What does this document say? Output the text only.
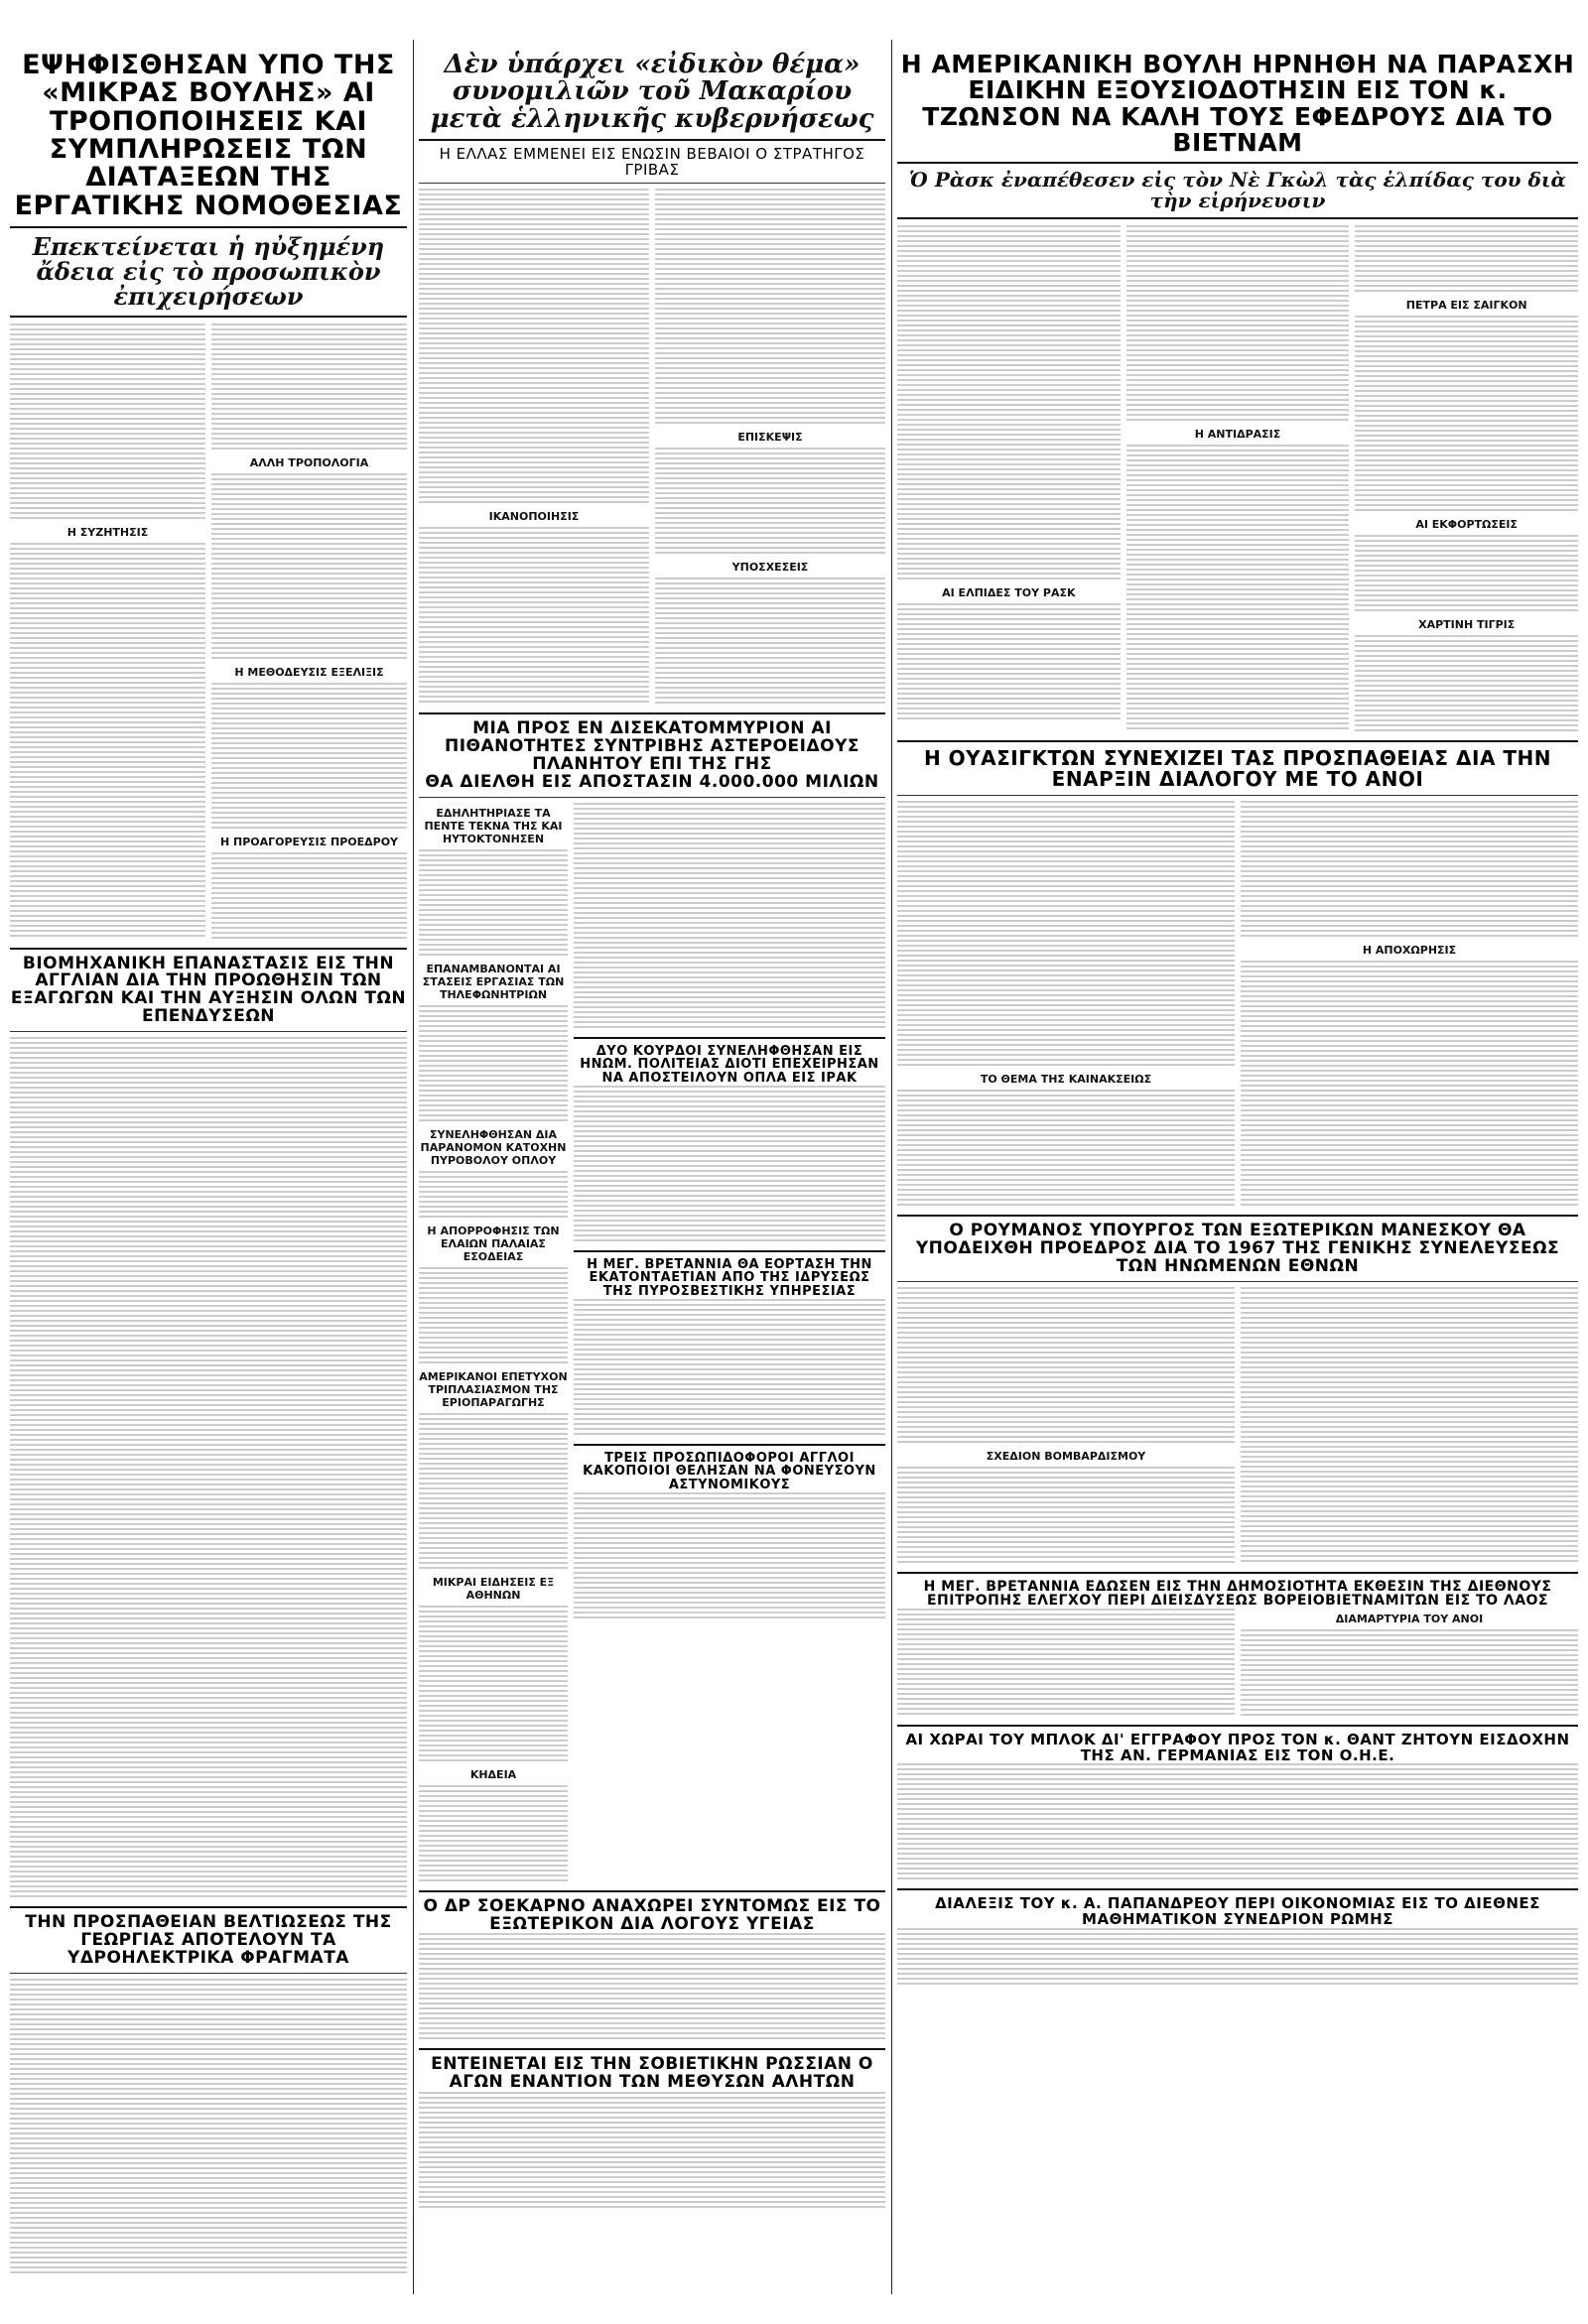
ΕΨΗΦΙΣΘΗΣΑΝ ΥΠΟ ΤΗΣ «ΜΙΚΡΑΣ ΒΟΥΛΗΣ» ΑΙ ΤΡΟΠΟΠΟΙΗΣΕΙΣ ΚΑΙ ΣΥΜΠΛΗΡΩΣΕΙΣ ΤΩΝ ΔΙΑΤΑΞΕΩΝ ΤΗΣ ΕΡΓΑΤΙΚΗΣ ΝΟΜΟΘΕΣΙΑΣ
Επεκτείνεται ἡ ηὐξημένη ἄδεια εἰς τὸ προσωπικὸν ἐπιχειρήσεων
Η ΣΥΖΗΤΗΣΙΣ
ΑΛΛΗ ΤΡΟΠΟΛΟΓΙΑ
Η ΜΕΘΟΔΕΥΣΙΣ ΕΞΕΛΙΞΙΣ
Η ΠΡΟΑΓΟΡΕΥΣΙΣ ΠΡΟΕΔΡΟΥ
ΒΙΟΜΗΧΑΝΙΚΗ ΕΠΑΝΑΣΤΑΣΙΣ ΕΙΣ ΤΗΝ ΑΓΓΛΙΑΝ ΔΙΑ ΤΗΝ ΠΡΟΩΘΗΣΙΝ ΤΩΝ ΕΞΑΓΩΓΩΝ ΚΑΙ ΤΗΝ ΑΥΞΗΣΙΝ ΟΛΩΝ ΤΩΝ ΕΠΕΝΔΥΣΕΩΝ
ΤΗΝ ΠΡΟΣΠΑΘΕΙΑΝ ΒΕΛΤΙΩΣΕΩΣ ΤΗΣ ΓΕΩΡΓΙΑΣ ΑΠΟΤΕΛΟΥΝ ΤΑ ΥΔΡΟΗΛΕΚΤΡΙΚΑ ΦΡΑΓΜΑΤΑ
Δὲν ὑπάρχει «εἰδικὸν θέμα» συνομιλιῶν τοῦ Μακαρίου μετὰ ἑλληνικῆς κυβερνήσεως
Η ΕΛΛΑΣ ΕΜΜΕΝΕΙ ΕΙΣ ΕΝΩΣΙΝ ΒΕΒΑΙΟΙ Ο ΣΤΡΑΤΗΓΟΣ ΓΡΙΒΑΣ
ΙΚΑΝΟΠΟΙΗΣΙΣ
ΕΠΙΣΚΕΨΙΣ
ΥΠΟΣΧΕΣΕΙΣ
ΜΙΑ ΠΡΟΣ ΕΝ ΔΙΣΕΚΑΤΟΜΜΥΡΙΟΝ ΑΙ ΠΙΘΑΝΟΤΗΤΕΣ ΣΥΝΤΡΙΒΗΣ ΑΣΤΕΡΟΕΙΔΟΥΣ ΠΛΑΝΗΤΟΥ ΕΠΙ ΤΗΣ ΓΗΣ
ΘΑ ΔΙΕΛΘΗ ΕΙΣ ΑΠΟΣΤΑΣΙΝ 4.000.000 ΜΙΛΙΩΝ
ΕΔΗΛΗΤΗΡΙΑΣΕ ΤΑ ΠΕΝΤΕ ΤΕΚΝΑ ΤΗΣ ΚΑΙ ΗΥΤΟΚΤΟΝΗΣΕΝ
ΕΠΑΝΑΜΒΑΝΟΝΤΑΙ ΑΙ ΣΤΑΣΕΙΣ ΕΡΓΑΣΙΑΣ ΤΩΝ ΤΗΛΕΦΩΝΗΤΡΙΩΝ
ΣΥΝΕΛΗΦΘΗΣΑΝ ΔΙΑ ΠΑΡΑΝΟΜΟΝ ΚΑΤΟΧΗΝ ΠΥΡΟΒΟΛΟΥ ΟΠΛΟΥ
Η ΑΠΟΡΡΟΦΗΣΙΣ ΤΩΝ ΕΛΑΙΩΝ ΠΑΛΑΙΑΣ ΕΣΟΔΕΙΑΣ
ΑΜΕΡΙΚΑΝΟΙ ΕΠΕΤΥΧΟΝ ΤΡΙΠΛΑΣΙΑΣΜΟΝ ΤΗΣ ΕΡΙΟΠΑΡΑΓΩΓΗΣ
ΜΙΚΡΑΙ ΕΙΔΗΣΕΙΣ ΕΞ ΑΘΗΝΩΝ
ΚΗΔΕΙΑ
ΔΥΟ ΚΟΥΡΔΟΙ ΣΥΝΕΛΗΦΘΗΣΑΝ ΕΙΣ ΗΝΩΜ. ΠΟΛΙΤΕΙΑΣ ΔΙΟΤΙ ΕΠΕΧΕΙΡΗΣΑΝ ΝΑ ΑΠΟΣΤΕΙΛΟΥΝ ΟΠΛΑ ΕΙΣ ΙΡΑΚ
Η ΜΕΓ. ΒΡΕΤΑΝΝΙΑ ΘΑ ΕΟΡΤΑΣΗ ΤΗΝ ΕΚΑΤΟΝΤΑΕΤΙΑΝ ΑΠΟ ΤΗΣ ΙΔΡΥΣΕΩΣ ΤΗΣ ΠΥΡΟΣΒΕΣΤΙΚΗΣ ΥΠΗΡΕΣΙΑΣ
ΤΡΕΙΣ ΠΡΟΣΩΠΙΔΟΦΟΡΟΙ ΑΓΓΛΟΙ ΚΑΚΟΠΟΙΟΙ ΘΕΛΗΣΑΝ ΝΑ ΦΟΝΕΥΣΟΥΝ ΑΣΤΥΝΟΜΙΚΟΥΣ
Ο ΔΡ ΣΟΕΚΑΡΝΟ ΑΝΑΧΩΡΕΙ ΣΥΝΤΟΜΩΣ ΕΙΣ ΤΟ ΕΞΩΤΕΡΙΚΟΝ ΔΙΑ ΛΟΓΟΥΣ ΥΓΕΙΑΣ
ΕΝΤΕΙΝΕΤΑΙ ΕΙΣ ΤΗΝ ΣΟΒΙΕΤΙΚΗΝ ΡΩΣΣΙΑΝ Ο ΑΓΩΝ ΕΝΑΝΤΙΟΝ ΤΩΝ ΜΕΘΥΣΩΝ ΑΛΗΤΩΝ
Η ΑΜΕΡΙΚΑΝΙΚΗ ΒΟΥΛΗ ΗΡΝΗΘΗ ΝΑ ΠΑΡΑΣΧΗ ΕΙΔΙΚΗΝ ΕΞΟΥΣΙΟΔΟΤΗΣΙΝ ΕΙΣ ΤΟΝ κ. ΤΖΩΝΣΟΝ ΝΑ ΚΑΛΗ ΤΟΥΣ ΕΦΕΔΡΟΥΣ ΔΙΑ ΤΟ ΒΙΕΤΝΑΜ
Ὁ Ρὰσκ ἐναπέθεσεν εἰς τὸν Νὲ Γκὼλ τὰς ἐλπίδας του διὰ τὴν εἰρήνευσιν
ΑΙ ΕΛΠΙΔΕΣ ΤΟΥ ΡΑΣΚ
Η ΑΝΤΙΔΡΑΣΙΣ
ΠΕΤΡΑ ΕΙΣ ΣΑΙΓΚΟΝ
ΑΙ ΕΚΦΟΡΤΩΣΕΙΣ
ΧΑΡΤΙΝΗ ΤΙΓΡΙΣ
Η ΟΥΑΣΙΓΚΤΩΝ ΣΥΝΕΧΙΖΕΙ ΤΑΣ ΠΡΟΣΠΑΘΕΙΑΣ ΔΙΑ ΤΗΝ ΕΝΑΡΞΙΝ ΔΙΑΛΟΓΟΥ ΜΕ ΤΟ ΑΝΟΙ
ΤΟ ΘΕΜΑ ΤΗΣ ΚΑΙΝΑΚΣΕΙΩΣ
Η ΑΠΟΧΩΡΗΣΙΣ
Ο ΡΟΥΜΑΝΟΣ ΥΠΟΥΡΓΟΣ ΤΩΝ ΕΞΩΤΕΡΙΚΩΝ ΜΑΝΕΣΚΟΥ ΘΑ ΥΠΟΔΕΙΧΘΗ ΠΡΟΕΔΡΟΣ ΔΙΑ ΤΟ 1967 ΤΗΣ ΓΕΝΙΚΗΣ ΣΥΝΕΛΕΥΣΕΩΣ ΤΩΝ ΗΝΩΜΕΝΩΝ ΕΘΝΩΝ
ΣΧΕΔΙΟΝ ΒΟΜΒΑΡΔΙΣΜΟΥ
Η ΜΕΓ. ΒΡΕΤΑΝΝΙΑ ΕΔΩΣΕΝ ΕΙΣ ΤΗΝ ΔΗΜΟΣΙΟΤΗΤΑ ΕΚΘΕΣΙΝ ΤΗΣ ΔΙΕΘΝΟΥΣ ΕΠΙΤΡΟΠΗΣ ΕΛΕΓΧΟΥ ΠΕΡΙ ΔΙΕΙΣΔΥΣΕΩΣ ΒΟΡΕΙΟΒΙΕΤΝΑΜΙΤΩΝ ΕΙΣ ΤΟ ΛΑΟΣ
ΔΙΑΜΑΡΤΥΡΙΑ ΤΟΥ ΑΝΟΙ
ΑΙ ΧΩΡΑΙ ΤΟΥ ΜΠΛΟΚ ΔΙ' ΕΓΓΡΑΦΟΥ ΠΡΟΣ ΤΟΝ κ. ΘΑΝΤ ΖΗΤΟΥΝ ΕΙΣΔΟΧΗΝ ΤΗΣ ΑΝ. ΓΕΡΜΑΝΙΑΣ ΕΙΣ ΤΟΝ Ο.Η.Ε.
ΔΙΑΛΕΞΙΣ ΤΟΥ κ. Α. ΠΑΠΑΝΔΡΕΟΥ ΠΕΡΙ ΟΙΚΟΝΟΜΙΑΣ ΕΙΣ ΤΟ ΔΙΕΘΝΕΣ ΜΑΘΗΜΑΤΙΚΟΝ ΣΥΝΕΔΡΙΟΝ ΡΩΜΗΣ
